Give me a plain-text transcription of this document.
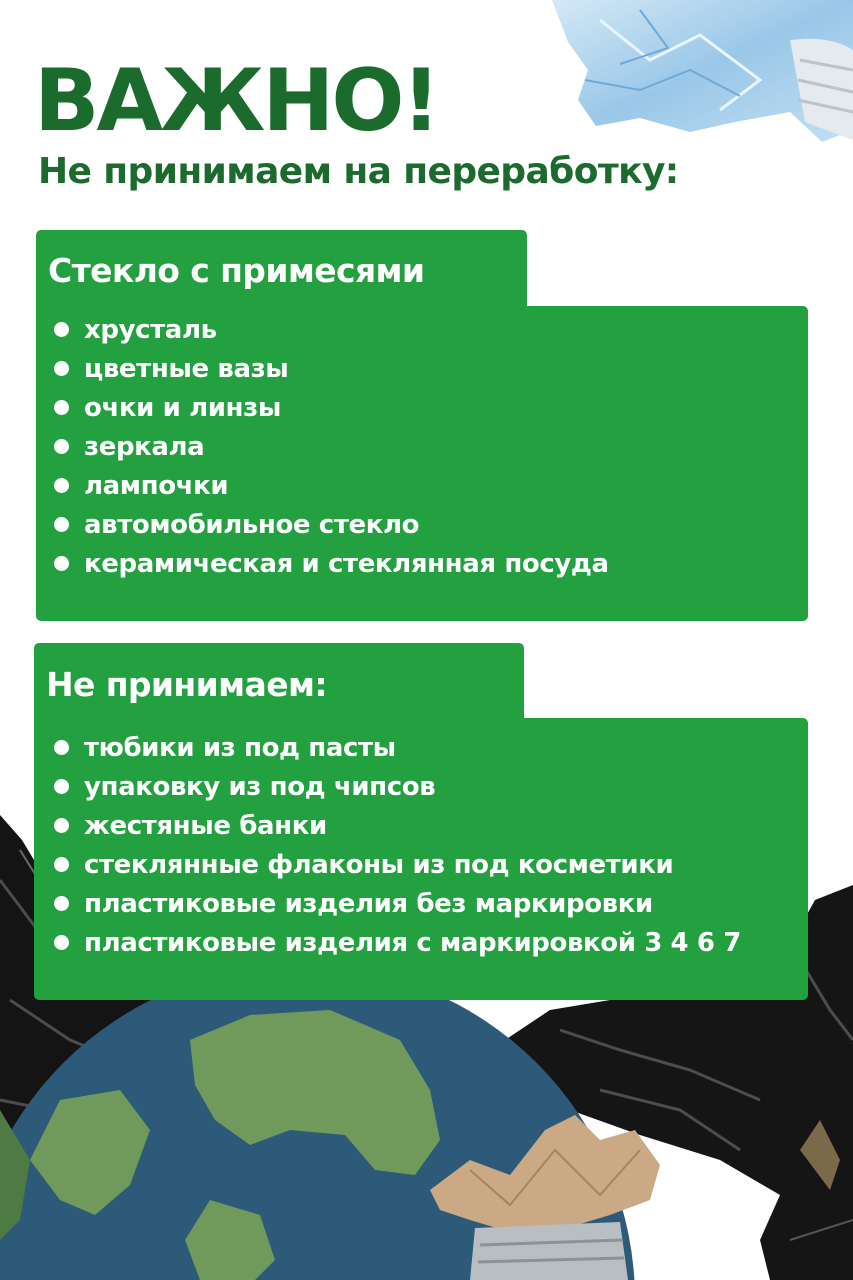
ВАЖНО!
Не принимаем на переработку:
Стекло с примесями
хрусталь
цветные вазы
очки и линзы
зеркала
лампочки
автомобильное стекло
керамическая и стеклянная посуда
Не принимаем:
тюбики из под пасты
упаковку из под чипсов
жестяные банки
стеклянные флаконы из под косметики
пластиковые изделия без маркировки
пластиковые изделия с маркировкой 3 4 6 7
